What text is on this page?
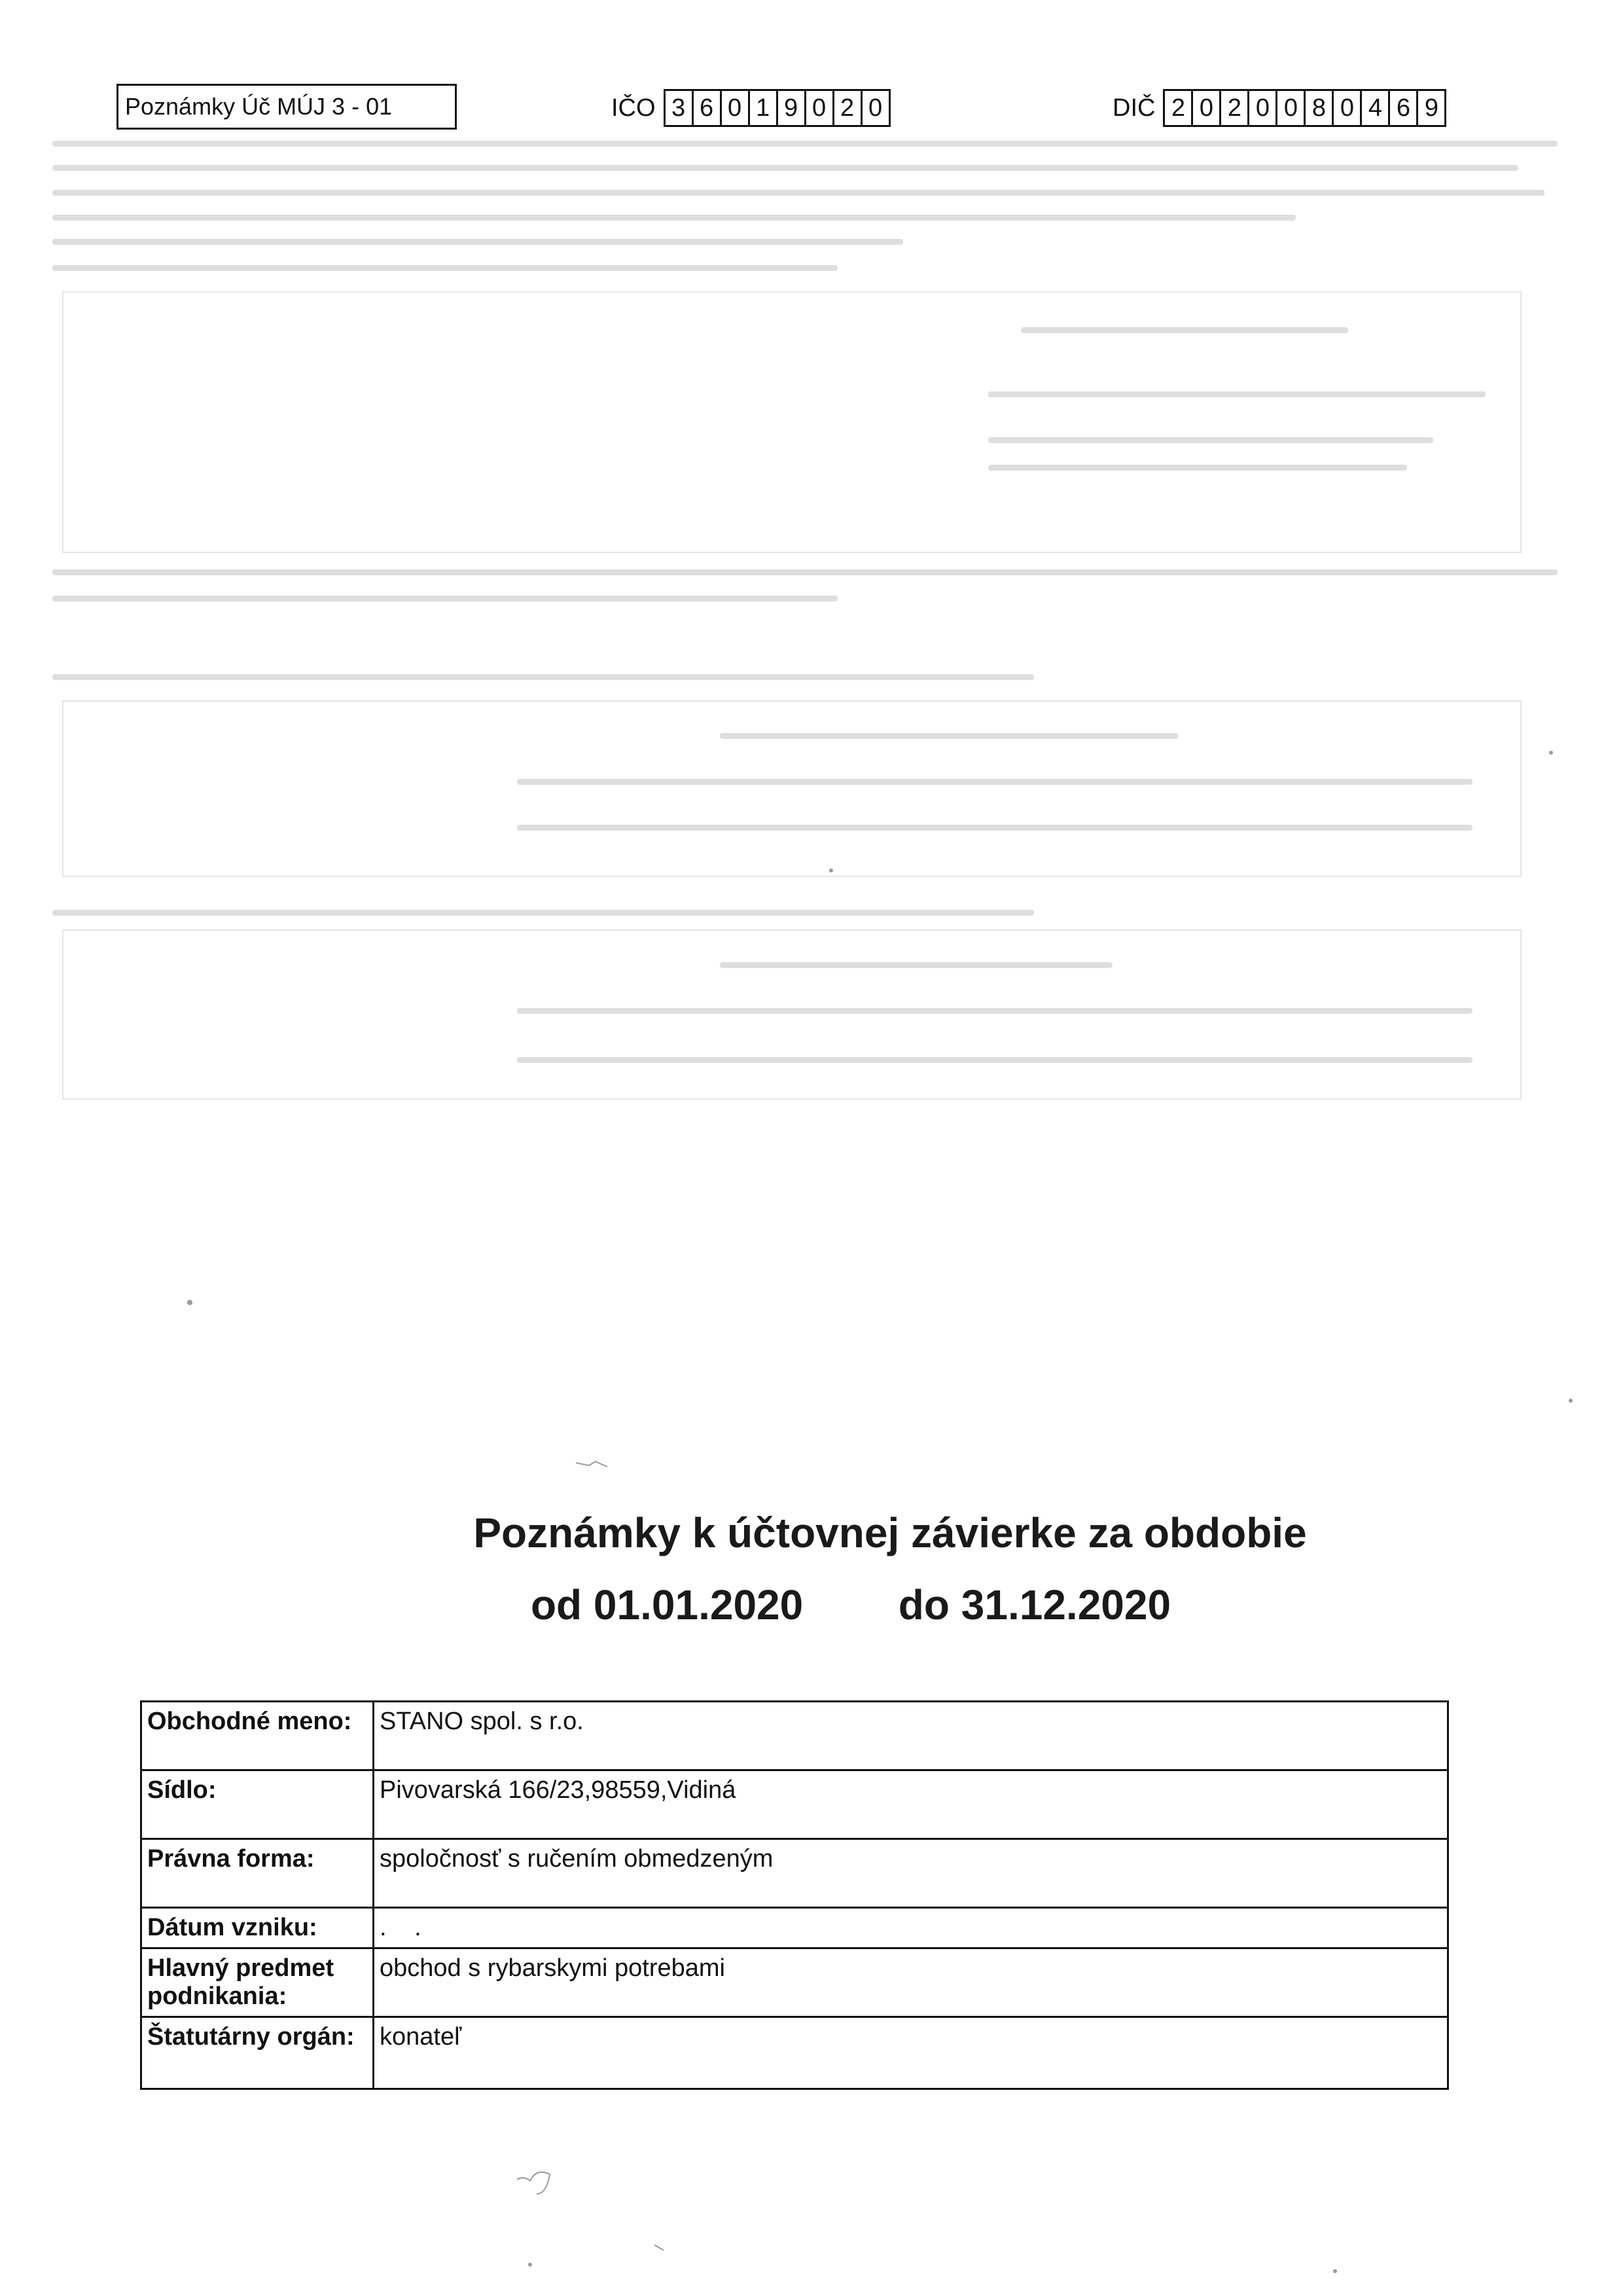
Poznámky Úč MÚJ 3 - 01	IČO 3 6 0 1 9 0 2 0	DIČ 2 0 2 0 0 8 0 4 6 9
Poznámky k účtovnej závierke za obdobie
od 01.01.2020 do 31.12.2020
Obchodné meno:	STANO spol. s r.o.
Sídlo:	Pivovarská 166/23,98559,Vidiná
Právna forma:	spoločnosť s ručením obmedzeným
Dátum vzniku:	. .
Hlavný predmet podnikania:	obchod s rybarskymi potrebami
Štatutárny orgán:	konateľ
